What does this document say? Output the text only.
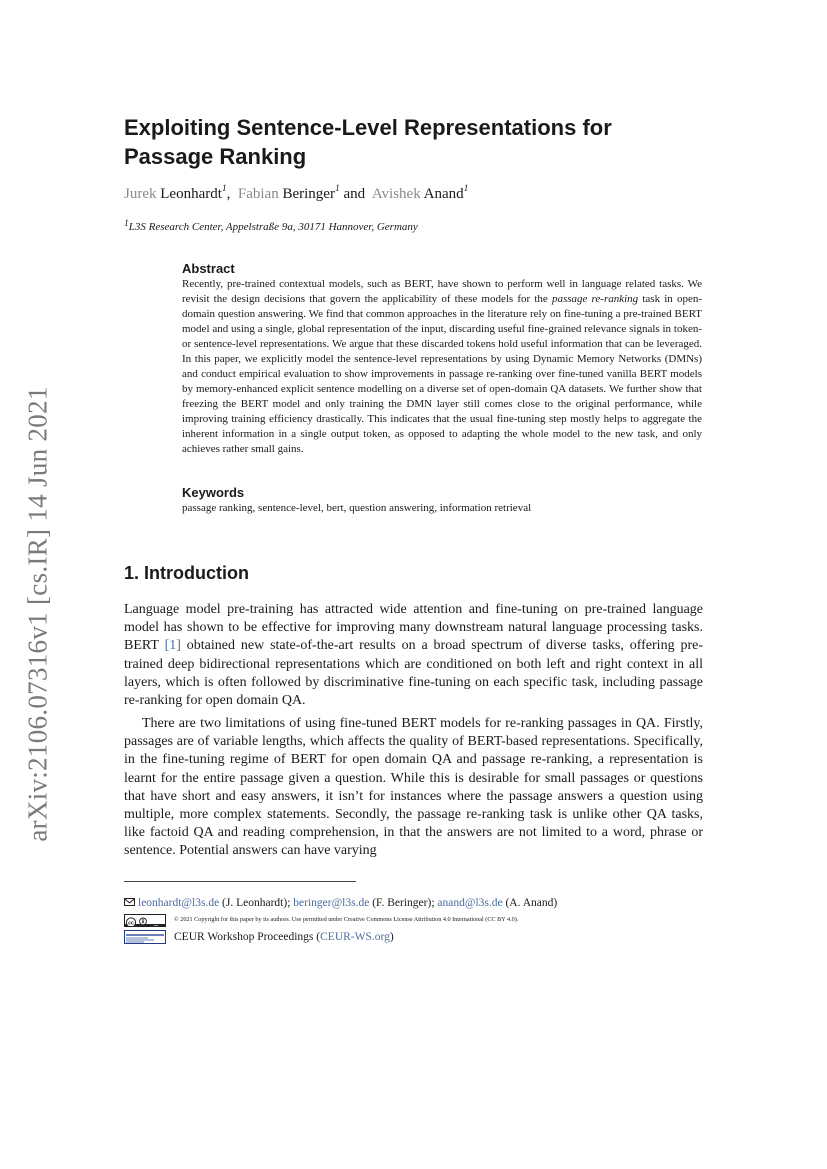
arXiv:2106.07316v1 [cs.IR] 14 Jun 2021
Exploiting Sentence-Level Representations for
Passage Ranking
Jurek Leonhardt$^1$, Fabian Beringer$^1$ and Avishek Anand$^1$
$^1$L3S Research Center, Appelstraße 9a, 30171 Hannover, Germany
Abstract
Recently, pre-trained contextual models, such as BERT, have shown to perform well in language related tasks. We revisit the design decisions that govern the applicability of these models for the passage re-ranking task in open-domain question answering. We find that common approaches in the literature rely on fine-tuning a pre-trained BERT model and using a single, global representation of the input, discarding useful fine-grained relevance signals in token- or sentence-level representations. We argue that these discarded tokens hold useful information that can be leveraged. In this paper, we explicitly model the sentence-level representations by using Dynamic Memory Networks (DMNs) and conduct empirical evaluation to show improvements in passage re-ranking over fine-tuned vanilla BERT models by memory-enhanced explicit sentence modelling on a diverse set of open-domain QA datasets. We further show that freezing the BERT model and only training the DMN layer still comes close to the original performance, while improving training efficiency drastically. This indicates that the usual fine-tuning step mostly helps to aggregate the inherent information in a single output token, as opposed to adapting the whole model to the new task, and only achieves rather small gains.
Keywords
passage ranking, sentence-level, bert, question answering, information retrieval
1. Introduction
Language model pre-training has attracted wide attention and fine-tuning on pre-trained language model has shown to be effective for improving many downstream natural language processing tasks. BERT [1] obtained new state-of-the-art results on a broad spectrum of diverse tasks, offering pre-trained deep bidirectional representations which are conditioned on both left and right context in all layers, which is often followed by discriminative fine-tuning on each specific task, including passage re-ranking for open domain QA.
There are two limitations of using fine-tuned BERT models for re-ranking passages in QA. Firstly, passages are of variable lengths, which affects the quality of BERT-based representations. Specifically, in the fine-tuning regime of BERT for open domain QA and passage re-ranking, a representation is learnt for the entire passage given a question. While this is desirable for small passages or questions that have short and easy answers, it isn’t for instances where the passage answers a question using multiple, more complex statements. Secondly, the passage re-ranking task is unlike other QA tasks, like factoid QA and reading comprehension, in that the answers are not limited to a word, phrase or sentence. Potential answers can have varying
leonhardt@l3s.de (J. Leonhardt); beringer@l3s.de (F. Beringer); anand@l3s.de (A. Anand)
cc	BY
© 2021 Copyright for this paper by its authors. Use permitted under Creative Commons License Attribution 4.0 International (CC BY 4.0).
CEUR Workshop Proceedings (CEUR-WS.org)
